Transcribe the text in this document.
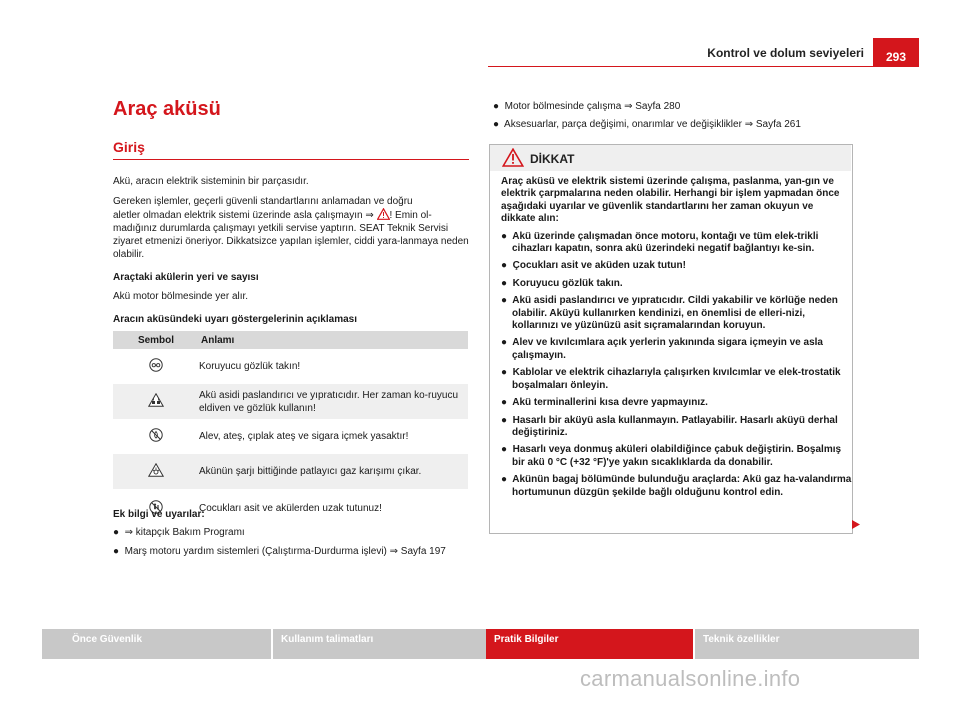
Kontrol ve dolum seviyeleri	293
Araç aküsü
Giriş
Akü, aracın elektrik sisteminin bir parçasıdır.
Gereken işlemler, geçerli güvenli standartlarını anlamadan ve doğru
aletler olmadan elektrik sistemi üzerinde asla çalışmayın ⇒ ! Emin ol-
madığınız durumlarda çalışmayı yetkili servise yaptırın. SEAT Teknik Servisi ziyaret etmenizi öneriyor. Dikkatsizce yapılan işlemler, ciddi yara-lanmaya neden olabilir.
Araçtaki akülerin yeri ve sayısı
Akü motor bölmesinde yer alır.
Aracın aküsündeki uyarı göstergelerinin açıklaması
Sembol	Anlamı
	Koruyucu gözlük takın!
	Akü asidi paslandırıcı ve yıpratıcıdır. Her zaman ko-ruyucu eldiven ve gözlük kullanın!
	Alev, ateş, çıplak ateş ve sigara içmek yasaktır!
	Akünün şarjı bittiğinde patlayıcı gaz karışımı çıkar.
	Çocukları asit ve akülerden uzak tutunuz!
Ek bilgi ve uyarılar:
●  ⇒ kitapçık Bakım Programı
●  Marş motoru yardım sistemleri (Çalıştırma-Durdurma işlevi) ⇒ Sayfa 197
●  Motor bölmesinde çalışma ⇒ Sayfa 280
●  Aksesuarlar, parça değişimi, onarımlar ve değişiklikler ⇒ Sayfa 261
DİKKAT
Araç aküsü ve elektrik sistemi üzerinde çalışma, paslanma, yan-gın ve elektrik çarpmalarına neden olabilir. Herhangi bir işlem yapmadan önce aşağıdaki uyarılar ve güvenlik standartlarını her zaman okuyun ve dikkate alın:
●  Akü üzerinde çalışmadan önce motoru, kontağı ve tüm elek-trikli cihazları kapatın, sonra akü üzerindeki negatif bağlantıyı ke-sin.
●  Çocukları asit ve aküden uzak tutun!
●  Koruyucu gözlük takın.
●  Akü asidi paslandırıcı ve yıpratıcıdır. Cildi yakabilir ve körlüğe neden olabilir. Aküyü kullanırken kendinizi, en önemlisi de elleri-nizi, kollarınızı ve yüzünüzü asit sıçramalarından koruyun.
●  Alev ve kıvılcımlara açık yerlerin yakınında sigara içmeyin ve asla çalışmayın.
●  Kablolar ve elektrik cihazlarıyla çalışırken kıvılcımlar ve elek-trostatik boşalmaları önleyin.
●  Akü terminallerini kısa devre yapmayınız.
●  Hasarlı bir aküyü asla kullanmayın. Patlayabilir. Hasarlı aküyü derhal değiştiriniz.
●  Hasarlı veya donmuş aküleri olabildiğince çabuk değiştirin. Boşalmış bir akü 0 °C (+32 °F)'ye yakın sıcaklıklarda da donabilir.
●  Akünün bagaj bölümünde bulunduğu araçlarda: Akü gaz ha-valandırma hortumunun düzgün şekilde bağlı olduğunu kontrol edin.
Önce Güvenlik	Kullanım talimatları	Pratik Bilgiler	Teknik özellikler
carmanualsonline.info
